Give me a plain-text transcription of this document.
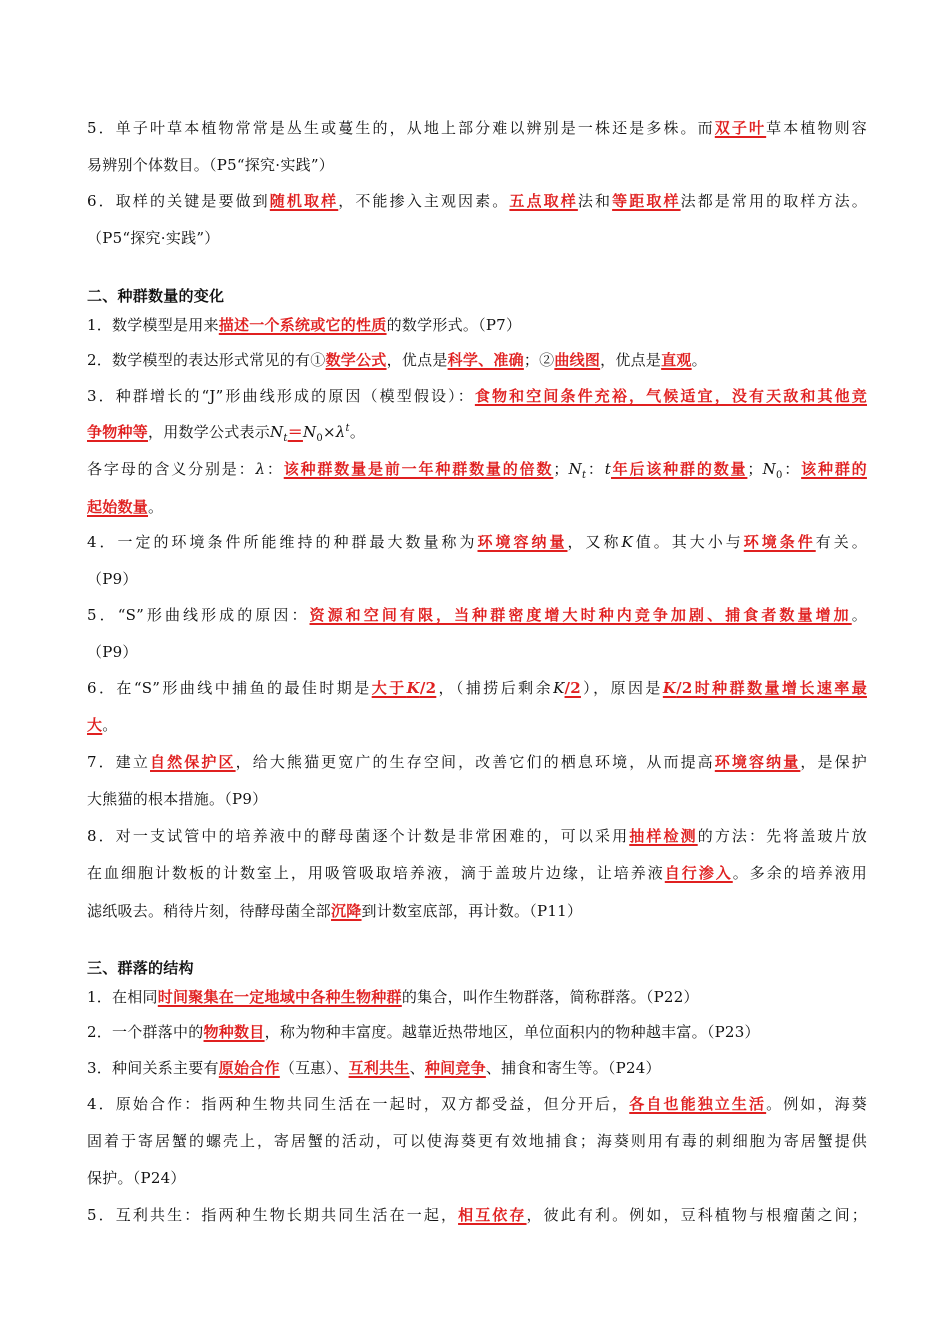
5．单子叶草本植物常常是丛生或蔓生的，从地上部分难以辨别是一株还是多株。而双子叶草本植物则容
易辨别个体数目。（P5“探究·实践”）
6．取样的关键是要做到随机取样，不能掺入主观因素。五点取样法和等距取样法都是常用的取样方法。
（P5“探究·实践”）
二、种群数量的变化
1．数学模型是用来描述一个系统或它的性质的数学形式。（P7）
2．数学模型的表达形式常见的有①数学公式，优点是科学、准确；②曲线图，优点是直观。
3．种群增长的“J”形曲线形成的原因（模型假设）：食物和空间条件充裕，气候适宜，没有天敌和其他竞
争物种等，用数学公式表示$N_t=N_0\times\lambda^t$。
各字母的含义分别是：λ：该种群数量是前一年种群数量的倍数；$N_t$：t年后该种群的数量；$N_0$：该种群的
起始数量。
4．一定的环境条件所能维持的种群最大数量称为环境容纳量，又称K值。其大小与环境条件有关。
（P9）
5．“S”形曲线形成的原因：资源和空间有限，当种群密度增大时种内竞争加剧、捕食者数量增加。
（P9）
6．在“S”形曲线中捕鱼的最佳时期是大于K/2，（捕捞后剩余K/2），原因是K/2时种群数量增长速率最
大。
7．建立自然保护区，给大熊猫更宽广的生存空间，改善它们的栖息环境，从而提高环境容纳量，是保护
大熊猫的根本措施。（P9）
8．对一支试管中的培养液中的酵母菌逐个计数是非常困难的，可以采用抽样检测的方法：先将盖玻片放
在血细胞计数板的计数室上，用吸管吸取培养液，滴于盖玻片边缘，让培养液自行渗入。多余的培养液用
滤纸吸去。稍待片刻，待酵母菌全部沉降到计数室底部，再计数。（P11）
三、群落的结构
1．在相同时间聚集在一定地域中各种生物种群的集合，叫作生物群落，简称群落。（P22）
2．一个群落中的物种数目，称为物种丰富度。越靠近热带地区，单位面积内的物种越丰富。（P23）
3．种间关系主要有原始合作（互惠）、互利共生、种间竞争、捕食和寄生等。（P24）
4．原始合作：指两种生物共同生活在一起时，双方都受益，但分开后，各自也能独立生活。例如，海葵
固着于寄居蟹的螺壳上，寄居蟹的活动，可以使海葵更有效地捕食；海葵则用有毒的刺细胞为寄居蟹提供
保护。（P24）
5．互利共生：指两种生物长期共同生活在一起，相互依存，彼此有利。例如，豆科植物与根瘤菌之间；
